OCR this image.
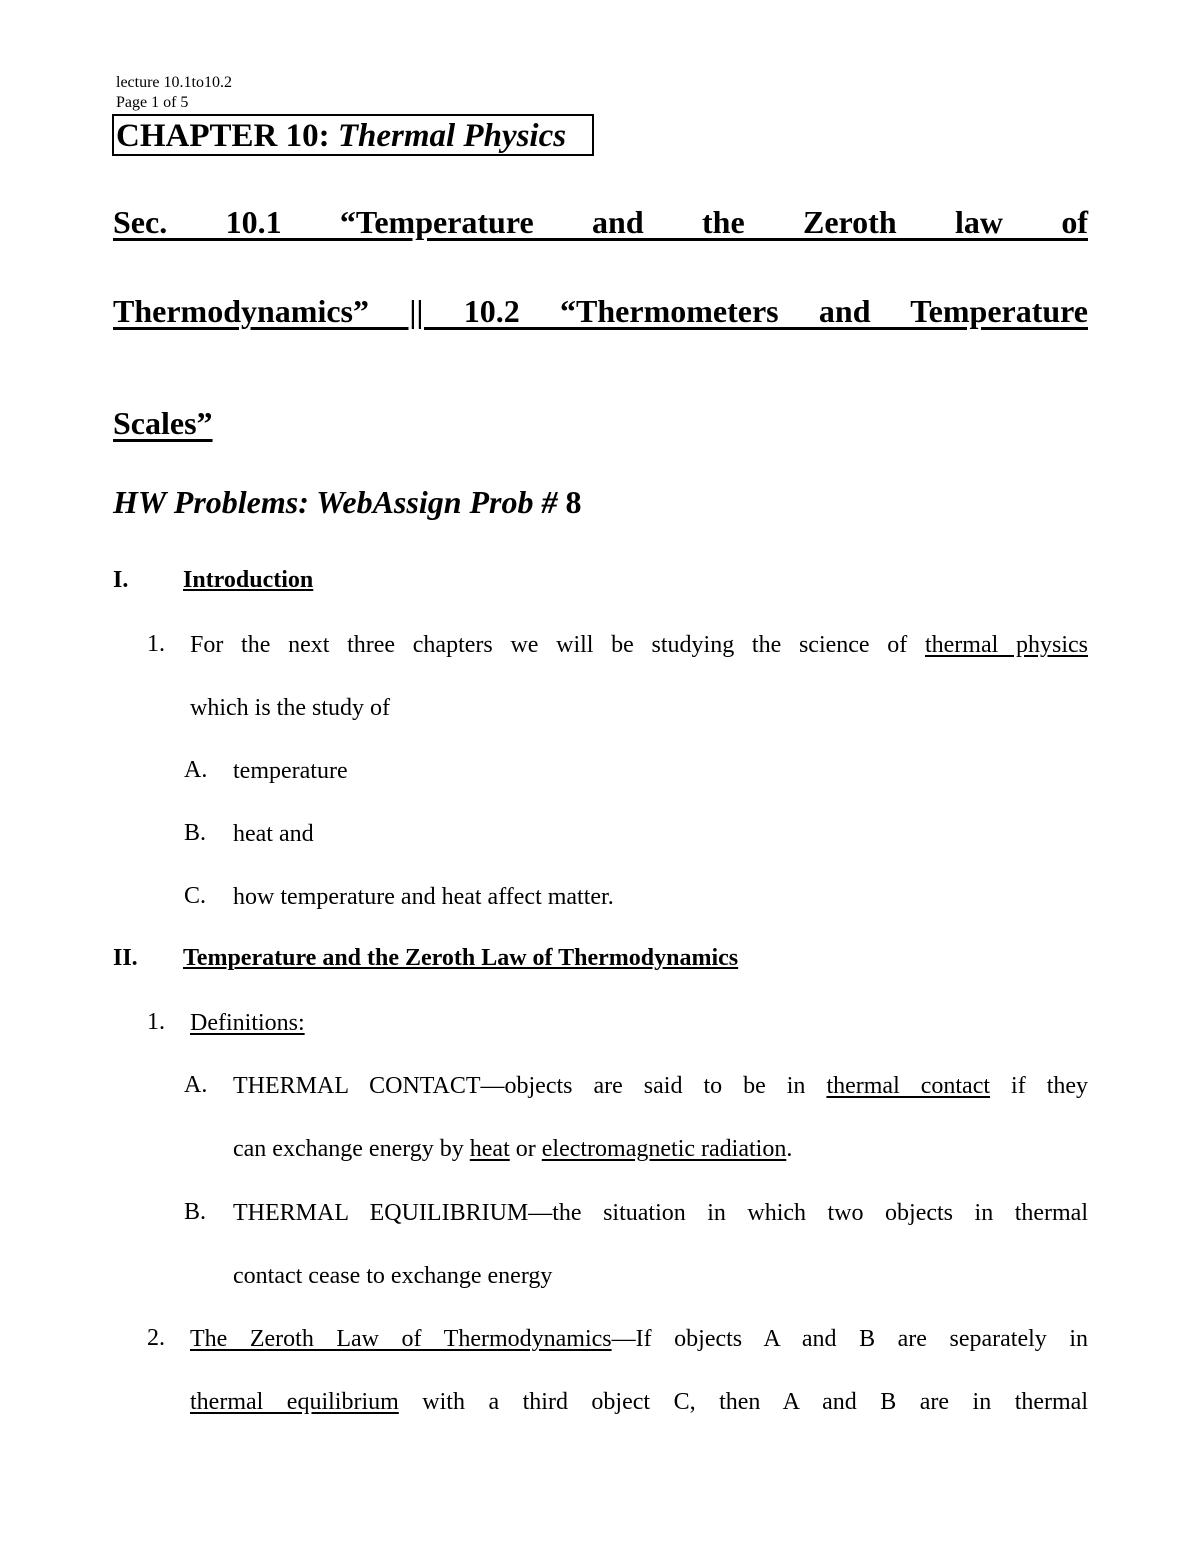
lecture 10.1to10.2
Page 1 of 5
CHAPTER 10: Thermal Physics
Sec. 10.1 “Temperature and the Zeroth law of
Thermodynamics” || 10.2 “Thermometers and Temperature
Scales”
HW Problems: WebAssign Prob # 8
I. Introduction
1. For the next three chapters we will be studying the science of thermal physics
which is the study of
A. temperature
B. heat and
C. how temperature and heat affect matter.
II. Temperature and the Zeroth Law of Thermodynamics
1. Definitions:
A. THERMAL CONTACT—objects are said to be in thermal contact if they
can exchange energy by heat or electromagnetic radiation.
B. THERMAL EQUILIBRIUM—the situation in which two objects in thermal
contact cease to exchange energy
2. The Zeroth Law of Thermodynamics—If objects A and B are separately in
thermal equilibrium with a third object C, then A and B are in thermal
